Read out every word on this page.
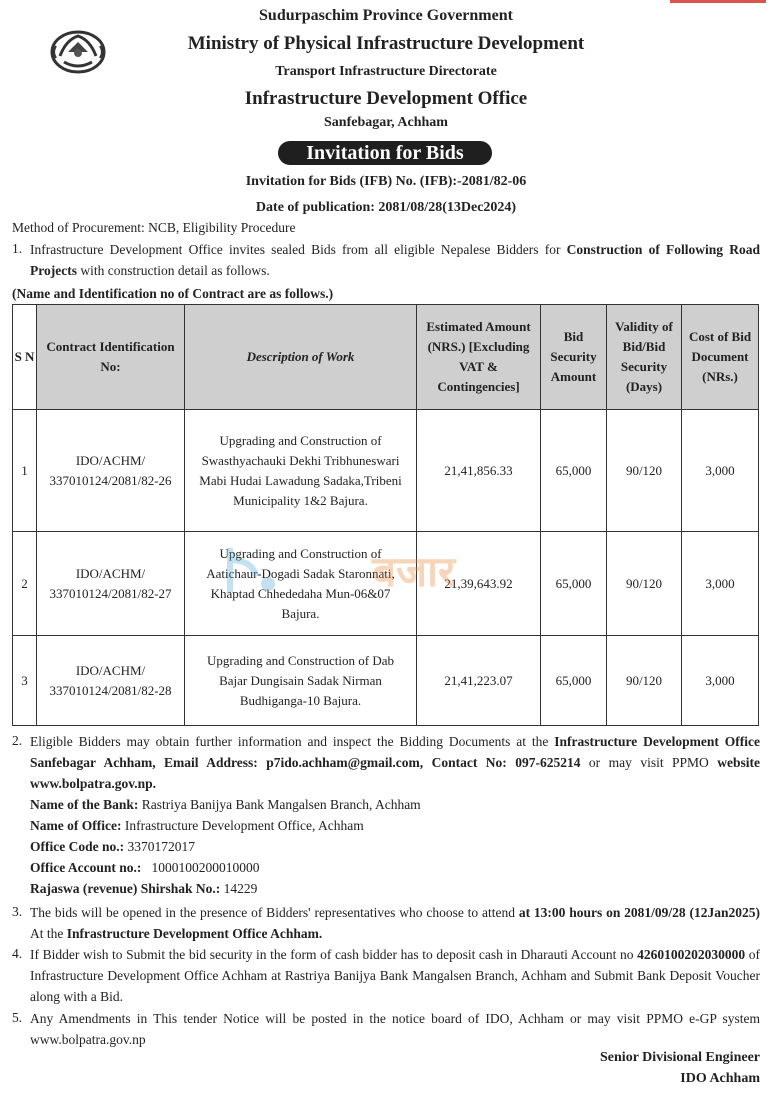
Sudurpaschim Province Government
Ministry of Physical Infrastructure Development
Transport Infrastructure Directorate
Infrastructure Development Office
Sanfebagar, Achham
Invitation for Bids
Invitation for Bids (IFB) No. (IFB):-2081/82-06
Date of publication: 2081/08/28(13Dec2024)
Method of Procurement: NCB, Eligibility Procedure
1. Infrastructure Development Office invites sealed Bids from all eligible Nepalese Bidders for Construction of Following Road Projects with construction detail as follows.
(Name and Identification no of Contract are as follows.)
S N	Contract Identification No:	Description of Work	Estimated Amount (NRS.) [Excluding VAT & Contingencies]	Bid Security Amount	Validity of Bid/Bid Security (Days)	Cost of Bid Document (NRs.)
1	IDO/ACHM/ 337010124/2081/82-26	Upgrading and Construction of Swasthyachauki Dekhi Tribhuneswari Mabi Hudai Lawadung Sadaka,Tribeni Municipality 1&2 Bajura.	21,41,856.33	65,000	90/120	3,000
2	IDO/ACHM/ 337010124/2081/82-27	Upgrading and Construction of Aatichaur-Dogadi Sadak Staronnati, Khaptad Chhededaha Mun-06&07 Bajura.	21,39,643.92	65,000	90/120	3,000
3	IDO/ACHM/ 337010124/2081/82-28	Upgrading and Construction of Dab Bajar Dungisain Sadak Nirman Budhiganga-10 Bajura.	21,41,223.07	65,000	90/120	3,000
बजार
2. Eligible Bidders may obtain further information and inspect the Bidding Documents at the Infrastructure Development Office Sanfebagar Achham, Email Address: p7ido.achham@gmail.com, Contact No: 097-625214 or may visit PPMO website www.bolpatra.gov.np.
Name of the Bank: Rastriya Banijya Bank Mangalsen Branch, Achham
Name of Office: Infrastructure Development Office, Achham
Office Code no.: 3370172017
Office Account no.:   1000100200010000
Rajaswa (revenue) Shirshak No.: 14229
3. The bids will be opened in the presence of Bidders' representatives who choose to attend at 13:00 hours on 2081/09/28 (12Jan2025) At the Infrastructure Development Office Achham.
4. If Bidder wish to Submit the bid security in the form of cash bidder has to deposit cash in Dharauti Account no 4260100202030000 of Infrastructure Development Office Achham at Rastriya Banijya Bank Mangalsen Branch, Achham and Submit Bank Deposit Voucher along with a Bid.
5. Any Amendments in This tender Notice will be posted in the notice board of IDO, Achham or may visit PPMO e-GP system www.bolpatra.gov.np
Senior Divisional Engineer
IDO Achham
